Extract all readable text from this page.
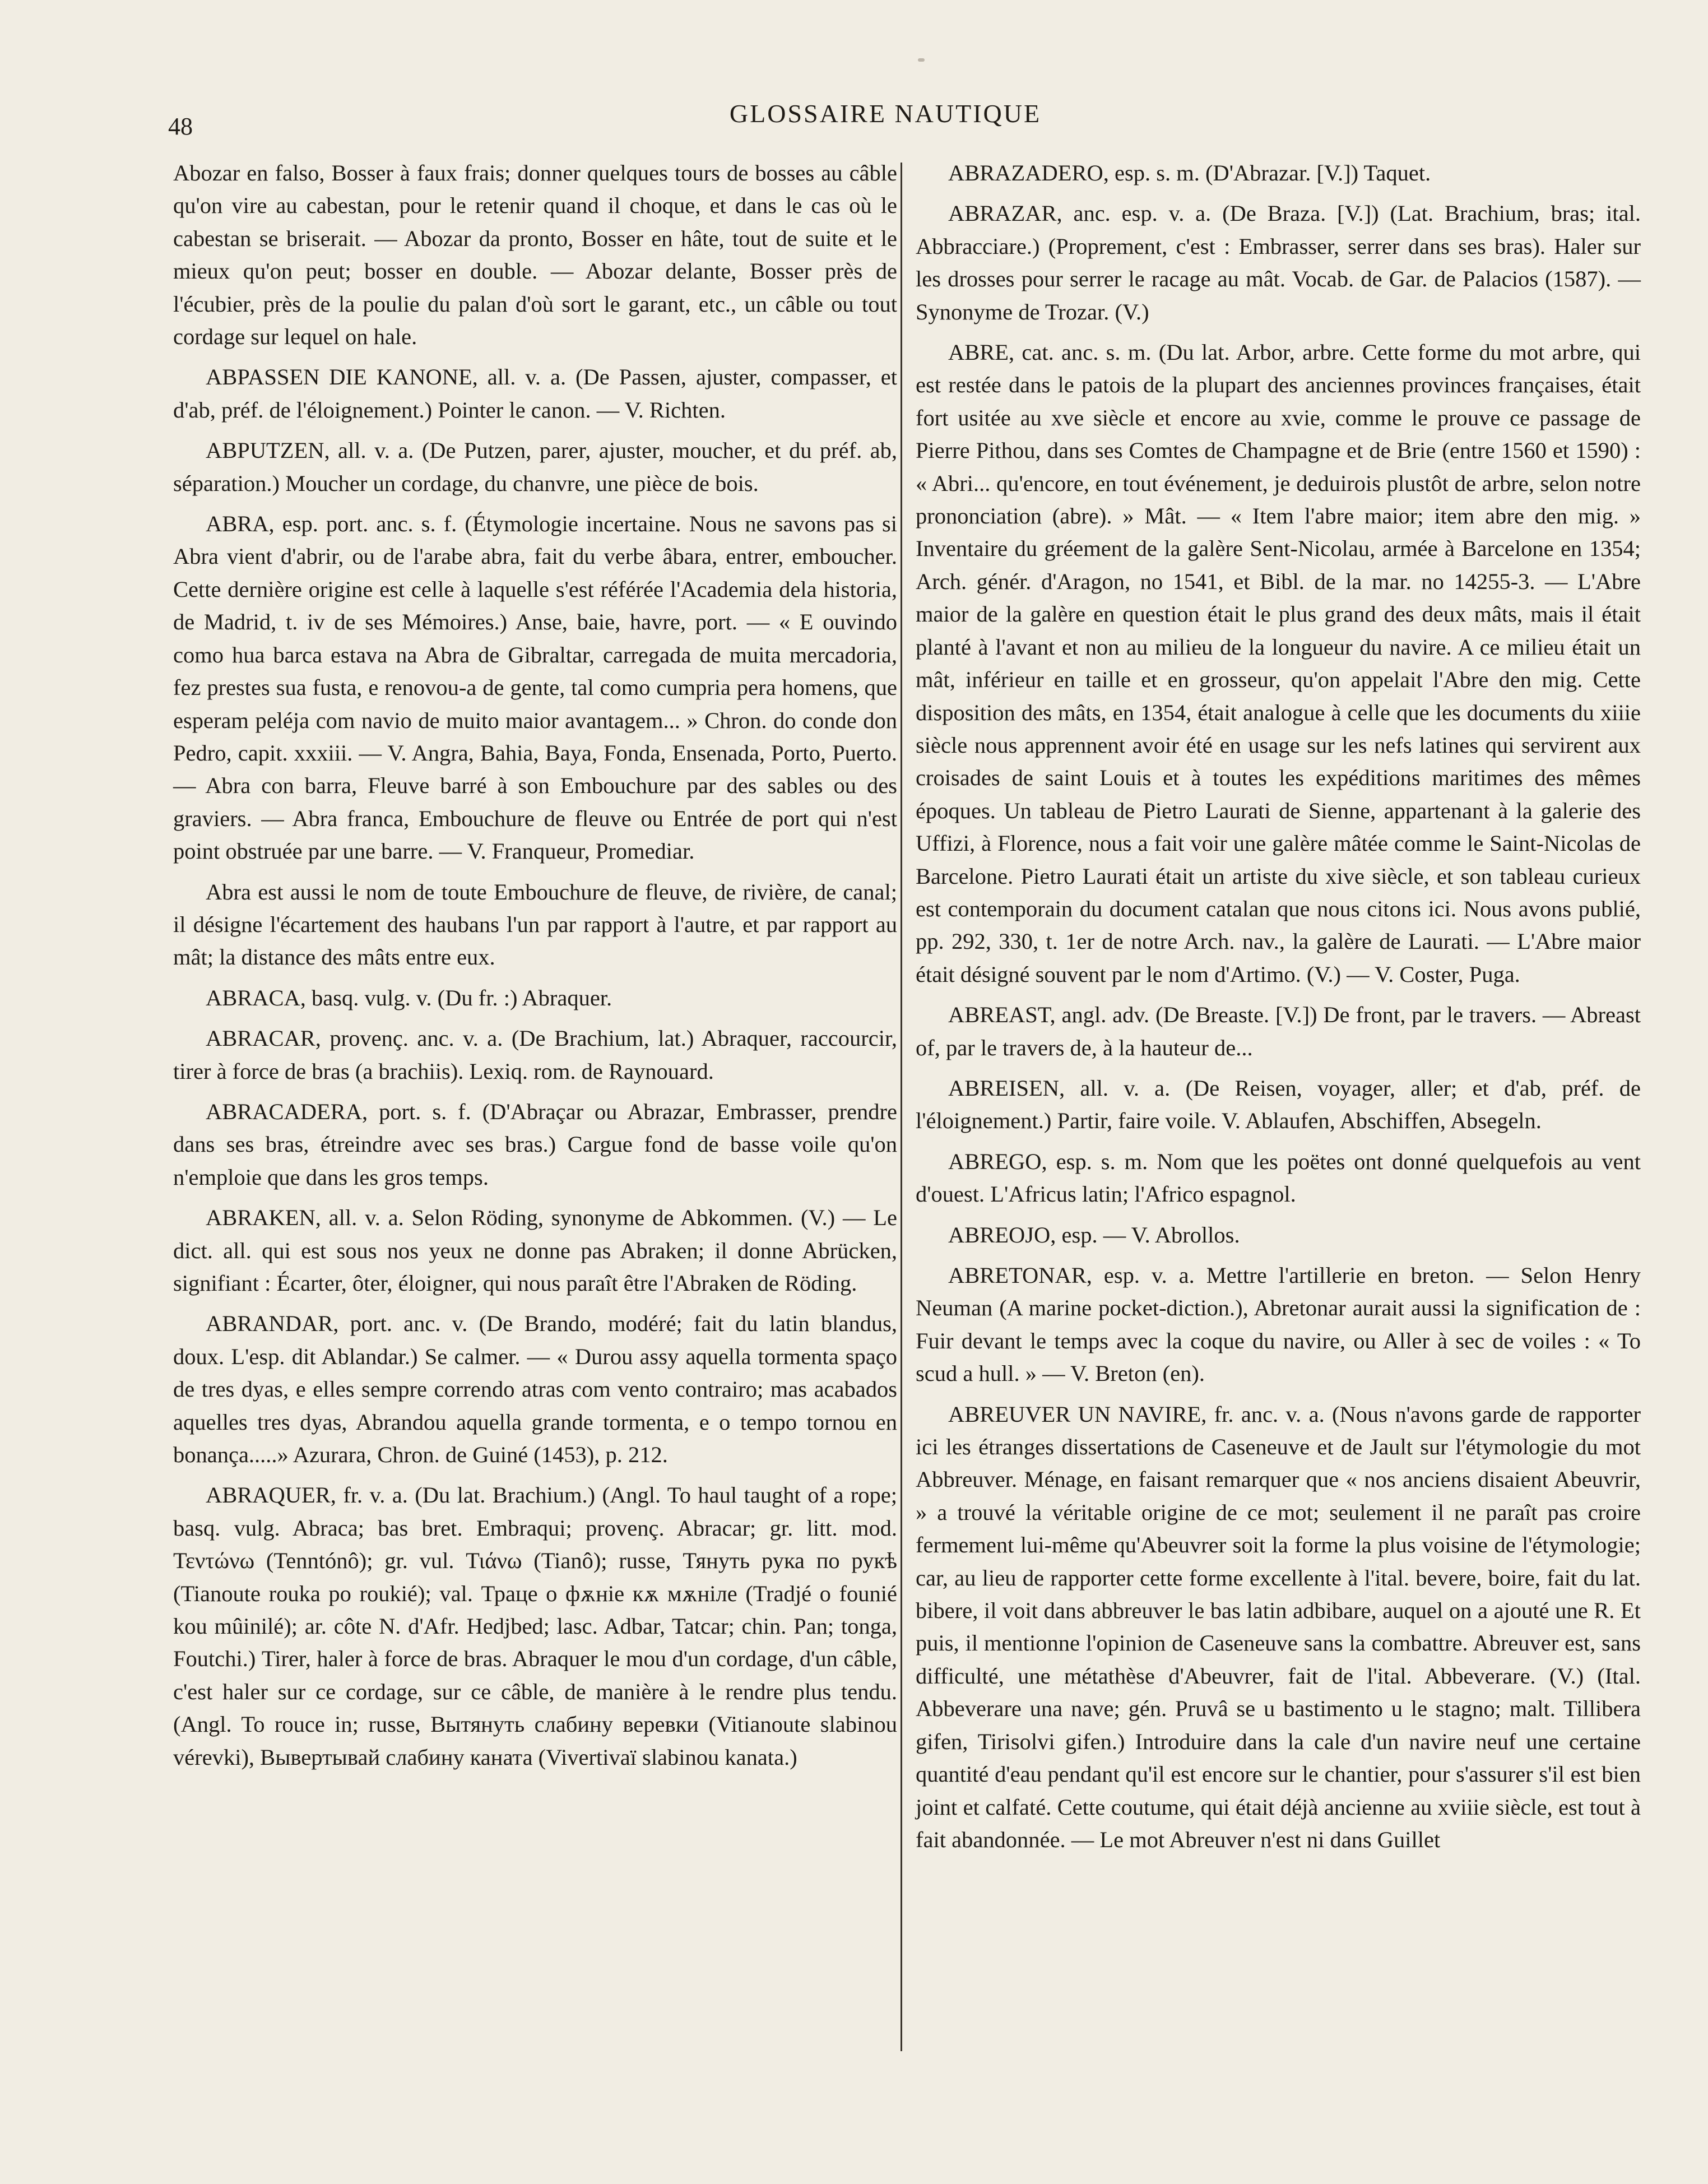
48	GLOSSAIRE NAUTIQUE

Abozar en falso, Bosser à faux frais; donner quelques tours de bosses au câble qu'on vire au cabestan, pour le retenir quand il choque, et dans le cas où le cabestan se briserait. — Abozar da pronto, Bosser en hâte, tout de suite et le mieux qu'on peut; bosser en double. — Abozar delante, Bosser près de l'écubier, près de la poulie du palan d'où sort le garant, etc., un câble ou tout cordage sur lequel on hale.

ABPASSEN DIE KANONE, all. v. a. (De Passen, ajuster, compasser, et d'ab, préf. de l'éloignement.) Pointer le canon. — V. Richten.

ABPUTZEN, all. v. a. (De Putzen, parer, ajuster, moucher, et du préf. ab, séparation.) Moucher un cordage, du chanvre, une pièce de bois.

ABRA, esp. port. anc. s. f. (Étymologie incertaine. Nous ne savons pas si Abra vient d'abrir, ou de l'arabe abra, fait du verbe âbara, entrer, emboucher. Cette dernière origine est celle à laquelle s'est référée l'Academia dela historia, de Madrid, t. iv de ses Mémoires.) Anse, baie, havre, port. — « E ouvindo como hua barca estava na Abra de Gibraltar, carregada de muita mercadoria, fez prestes sua fusta, e renovou-a de gente, tal como cumpria pera homens, que esperam peléja com navio de muito maior avantagem... » Chron. do conde don Pedro, capit. xxxiii. — V. Angra, Bahia, Baya, Fonda, Ensenada, Porto, Puerto. — Abra con barra, Fleuve barré à son Embouchure par des sables ou des graviers. — Abra franca, Embouchure de fleuve ou Entrée de port qui n'est point obstruée par une barre. — V. Franqueur, Promediar.

Abra est aussi le nom de toute Embouchure de fleuve, de rivière, de canal; il désigne l'écartement des haubans l'un par rapport à l'autre, et par rapport au mât; la distance des mâts entre eux.

ABRACA, basq. vulg. v. (Du fr. :) Abraquer.

ABRACAR, provenç. anc. v. a. (De Brachium, lat.) Abraquer, raccourcir, tirer à force de bras (a brachiis). Lexiq. rom. de Raynouard.

ABRACADERA, port. s. f. (D'Abraçar ou Abrazar, Embrasser, prendre dans ses bras, étreindre avec ses bras.) Cargue fond de basse voile qu'on n'emploie que dans les gros temps.

ABRAKEN, all. v. a. Selon Röding, synonyme de Abkommen. (V.) — Le dict. all. qui est sous nos yeux ne donne pas Abraken; il donne Abrücken, signifiant : Écarter, ôter, éloigner, qui nous paraît être l'Abraken de Röding.

ABRANDAR, port. anc. v. (De Brando, modéré; fait du latin blandus, doux. L'esp. dit Ablandar.) Se calmer. — « Durou assy aquella tormenta spaço de tres dyas, e elles sempre correndo atras com vento contrairo; mas acabados aquelles tres dyas, Abrandou aquella grande tormenta, e o tempo tornou en bonança.....» Azurara, Chron. de Guiné (1453), p. 212.

ABRAQUER, fr. v. a. (Du lat. Brachium.) (Angl. To haul taught of a rope; basq. vulg. Abraca; bas bret. Embraqui; provenç. Abracar; gr. litt. mod. Τεντώνω (Tenntónô); gr. vul. Τιάνω (Tianô); russe, Тянуть рука по рукѣ (Tianoute rouka po roukié); val. Траце о фѫніе кѫ мѫніле (Tradjé o founié kou mûinilé); ar. côte N. d'Afr. Hedjbed; lasc. Adbar, Tatcar; chin. Pan; tonga, Foutchi.) Tirer, haler à force de bras. Abraquer le mou d'un cordage, d'un câble, c'est haler sur ce cordage, sur ce câble, de manière à le rendre plus tendu. (Angl. To rouce in; russe, Вытянуть слабину веревки (Vitianoute slabinou vérevki), Вывертывай слабину каната (Vivertivaï slabinou kanata.)

ABRAZADERO, esp. s. m. (D'Abrazar. [V.]) Taquet.

ABRAZAR, anc. esp. v. a. (De Braza. [V.]) (Lat. Brachium, bras; ital. Abbracciare.) (Proprement, c'est : Embrasser, serrer dans ses bras). Haler sur les drosses pour serrer le racage au mât. Vocab. de Gar. de Palacios (1587). — Synonyme de Trozar. (V.)

ABRE, cat. anc. s. m. (Du lat. Arbor, arbre. Cette forme du mot arbre, qui est restée dans le patois de la plupart des anciennes provinces françaises, était fort usitée au xve siècle et encore au xvie, comme le prouve ce passage de Pierre Pithou, dans ses Comtes de Champagne et de Brie (entre 1560 et 1590) : « Abri... qu'encore, en tout événement, je deduirois plustôt de arbre, selon notre prononciation (abre). » Mât. — « Item l'abre maior; item abre den mig. » Inventaire du gréement de la galère Sent-Nicolau, armée à Barcelone en 1354; Arch. génér. d'Aragon, no 1541, et Bibl. de la mar. no 14255-3. — L'Abre maior de la galère en question était le plus grand des deux mâts, mais il était planté à l'avant et non au milieu de la longueur du navire. A ce milieu était un mât, inférieur en taille et en grosseur, qu'on appelait l'Abre den mig. Cette disposition des mâts, en 1354, était analogue à celle que les documents du xiiie siècle nous apprennent avoir été en usage sur les nefs latines qui servirent aux croisades de saint Louis et à toutes les expéditions maritimes des mêmes époques. Un tableau de Pietro Laurati de Sienne, appartenant à la galerie des Uffizi, à Florence, nous a fait voir une galère mâtée comme le Saint-Nicolas de Barcelone. Pietro Laurati était un artiste du xive siècle, et son tableau curieux est contemporain du document catalan que nous citons ici. Nous avons publié, pp. 292, 330, t. 1er de notre Arch. nav., la galère de Laurati. — L'Abre maior était désigné souvent par le nom d'Artimo. (V.) — V. Coster, Puga.

ABREAST, angl. adv. (De Breaste. [V.]) De front, par le travers. — Abreast of, par le travers de, à la hauteur de...

ABREISEN, all. v. a. (De Reisen, voyager, aller; et d'ab, préf. de l'éloignement.) Partir, faire voile. V. Ablaufen, Abschiffen, Absegeln.

ABREGO, esp. s. m. Nom que les poëtes ont donné quelquefois au vent d'ouest. L'Africus latin; l'Africo espagnol.

ABREOJO, esp. — V. Abrollos.

ABRETONAR, esp. v. a. Mettre l'artillerie en breton. — Selon Henry Neuman (A marine pocket-diction.), Abretonar aurait aussi la signification de : Fuir devant le temps avec la coque du navire, ou Aller à sec de voiles : « To scud a hull. » — V. Breton (en).

ABREUVER UN NAVIRE, fr. anc. v. a. (Nous n'avons garde de rapporter ici les étranges dissertations de Caseneuve et de Jault sur l'étymologie du mot Abbreuver. Ménage, en faisant remarquer que « nos anciens disaient Abeuvrir, » a trouvé la véritable origine de ce mot; seulement il ne paraît pas croire fermement lui-même qu'Abeuvrer soit la forme la plus voisine de l'étymologie; car, au lieu de rapporter cette forme excellente à l'ital. bevere, boire, fait du lat. bibere, il voit dans abbreuver le bas latin adbibare, auquel on a ajouté une R. Et puis, il mentionne l'opinion de Caseneuve sans la combattre. Abreuver est, sans difficulté, une métathèse d'Abeuvrer, fait de l'ital. Abbeverare. (V.) (Ital. Abbeverare una nave; gén. Pruvâ se u bastimento u le stagno; malt. Tillibera gifen, Tirisolvi gifen.) Introduire dans la cale d'un navire neuf une certaine quantité d'eau pendant qu'il est encore sur le chantier, pour s'assurer s'il est bien joint et calfaté. Cette coutume, qui était déjà ancienne au xviiie siècle, est tout à fait abandonnée. — Le mot Abreuver n'est ni dans Guillet
